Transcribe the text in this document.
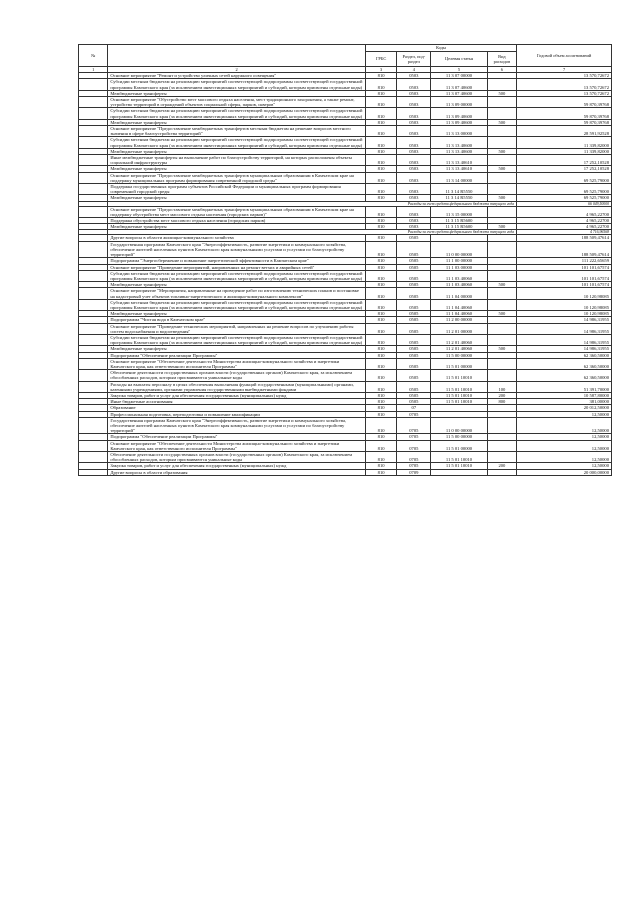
№		Коды				Годовой объем ассигнований
		ГРБС	Раздел, под-раздел	Целевая статья	Вид расходов	
1	2	3	4	5	6	7
	Основное мероприятие "Ремонт и устройство уличных сетей наружного освещения"	810	0503	11 3 07 00000		13 570,72672
	Субсидии местным бюджетам на реализацию мероприятий соответствующей подпрограммы соответствующей государственной программы Камчатского края (за исключением инвестиционных мероприятий и субсидий, которым присвоены отдельные коды)	810	0503	11 3 07 40600		13 570,72672
	Межбюджетные трансферты	810	0503	11 3 07 40600	500	13 570,72672
	Основное мероприятие "Обустройство мест массового отдыха населения, мест традиционного захоронения, а также ремонт, устройство территорий в ограждений объектов социальной сферы, парков, скверов"	810	0503	11 3 09 00000		59 870,39768
	Субсидии местным бюджетам на реализацию мероприятий соответствующей подпрограммы соответствующей государственной программы Камчатского края (за исключением инвестиционных мероприятий и субсидий, которым присвоены отдельные коды)	810	0503	11 3 09 40600		59 870,39768
	Межбюджетные трансферты	810	0503	11 3 09 40600	500	59 870,39768
	Основное мероприятие "Предоставление межбюджетных трансфертов местным бюджетам на решение вопросов местного значения в сфере благоустройства территорий"	810	0503	11 3 13 00000		28 591,92528
	Субсидии местным бюджетам на реализацию мероприятий соответствующей подпрограммы соответствующей государственной программы Камчатского края (за исключением инвестиционных мероприятий и субсидий, которым присвоены отдельные коды)	810	0503	11 3 13 40600		11 339,82000
	Межбюджетные трансферты	810	0503	11 3 13 40600	500	11 339,82000
	Иные межбюджетные трансферты на выполнение работ по благоустройству территорий, на которых расположены объекты социальной инфраструктуры	810	0503	11 3 13 40610		17 252,10528
	Межбюджетные трансферты	810	0503	11 3 13 40610	500	17 252,10528
	Основное мероприятие "Предоставление межбюджетных трансфертов муниципальным образованиям в Камчатском крае на поддержку муниципальных программ формирования современной городской среды"	810	0503	11 3 14 00000		69 525,79000
	Поддержка государственных программ субъектов Российской Федерации и муниципальных программ формирования современной городской среды	810	0503	11 3 14 R5550		69 525,79000
	Межбюджетные трансферты	810	0503	11 3 14 R5550	500	69 525,79000
	Расходы за счет средств федерального бюджета текущего года					66 049,50000
	Основное мероприятие "Предоставление межбюджетных трансфертов муниципальным образованиям в Камчатском крае на поддержку обустройства мест массового отдыха населения (городских парков)"	810	0503	11 3 15 00000		4 965,22700
	Поддержка обустройства мест массового отдыха населения (городских парков)	810	0503	11 3 15 R5600		4 965,22700
	Межбюджетные трансферты	810	0503	11 3 15 R5600	500	4 965,22700
	Расходы за счет средств федерального бюджета текущего года					4 716,96568
	Другие вопросы в области жилищно-коммунального хозяйства	810	0505			188 509,47614
	Государственная программа Камчатского края "Энергоэффективность, развитие энергетики и коммунального хозяйства, обеспечение жителей населенных пунктов Камчатского края коммунальными услугами и услугами по благоустройству территорий"	810	0505	11 0 00 00000		188 509,47614
	Подпрограмма "Энергосбережение и повышение энергетической эффективности в Камчатском крае"	810	0505	11 1 00 00000		111 222,65659
	Основное мероприятие "Проведение мероприятий, направленных на ремонт ветхих и аварийных сетей"	810	0505	11 1 03 00000		101 101,67574
	Субсидии местным бюджетам на реализацию мероприятий соответствующей подпрограммы соответствующей государственной программы Камчатского края (за исключением инвестиционных мероприятий и субсидий, которым присвоены отдельные коды)	810	0505	11 1 03 40060		101 101,67574
	Межбюджетные трансферты	810	0505	11 1 03 40060	500	101 101,67574
	Основное мероприятие "Мероприятия, направленные на проведение работ по изготовлению технических планов и постановке на кадастровый учет объектов топливно-энергетического и жилищно-коммунального комплексов"	810	0505	11 1 04 00000		10 120,98085
	Субсидии местным бюджетам на реализацию мероприятий соответствующей подпрограммы соответствующей государственной программы Камчатского края (за исключением инвестиционных мероприятий и субсидий, которым присвоены отдельные коды)	810	0505	11 1 04 40060		10 120,98085
	Межбюджетные трансферты	810	0505	11 1 04 40060	500	10 120,98085
	Подпрограмма "Чистая вода в Камчатском крае"	810	0505	11 2 00 00000		14 986,31955
	Основное мероприятие "Проведение технических мероприятий, направленных на решение вопросов по улучшению работы систем водоснабжения и водоотведения"	810	0505	11 2 01 00000		14 986,31955
	Субсидии местным бюджетам на реализацию мероприятий соответствующей подпрограммы соответствующей государственной программы Камчатского края (за исключением инвестиционных мероприятий и субсидий, которым присвоены отдельные коды)	810	0505	11 2 01 40060		14 986,31955
	Межбюджетные трансферты	810	0505	11 2 01 40060	500	14 986,31955
	Подпрограмма "Обеспечение реализации Программы"	810	0505	11 5 00 00000		62 360,50000
	Основное мероприятие "Обеспечение деятельности Министерства жилищно-коммунального хозяйства и энергетики Камчатского края, как ответственного исполнителя Программы"	810	0505	11 5 01 00000		62 360,50000
	Обеспечение деятельности государственных органов власти (государственных органов) Камчатского края, за исключением обособленных расходов, которым присваиваются уникальные коды	810	0505	11 5 01 10010		62 360,50000
	Расходы на выплаты персоналу в целях обеспечения выполнения функций государственными (муниципальными) органами, казенными учреждениями, органами управления государственными внебюджетными фондами	810	0505	11 5 01 10010	100	51 391,70000
	Закупка товаров, работ и услуг для обеспечения государственных (муниципальных) нужд	810	0505	11 5 01 10010	200	10 587,80000
	Иные бюджетные ассигнования	810	0505	11 5 01 10010	800	381,00000
	Образование	810	07			20 012,50000
	Профессиональная подготовка, переподготовка и повышение квалификации	810	0705			12,50000
	Государственная программа Камчатского края "Энергоэффективность, развитие энергетики и коммунального хозяйства, обеспечение жителей населенных пунктов Камчатского края коммунальными услугами и услугами по благоустройству территорий"	810	0705	11 0 00 00000		12,50000
	Подпрограмма "Обеспечение реализации Программы"	810	0705	11 5 00 00000		12,50000
	Основное мероприятие "Обеспечение деятельности Министерства жилищно-коммунального хозяйства и энергетики Камчатского края, как ответственного исполнителя Программы"	810	0705	11 5 01 00000		12,50000
	Обеспечение деятельности государственных органов власти (государственных органов) Камчатского края, за исключением обособленных расходов, которым присваиваются уникальные коды	810	0705	11 5 01 10010		12,50000
	Закупка товаров, работ и услуг для обеспечения государственных (муниципальных) нужд	810	0705	11 5 01 10010	200	12,50000
	Другие вопросы в области образования	810	0709			20 000,00000
